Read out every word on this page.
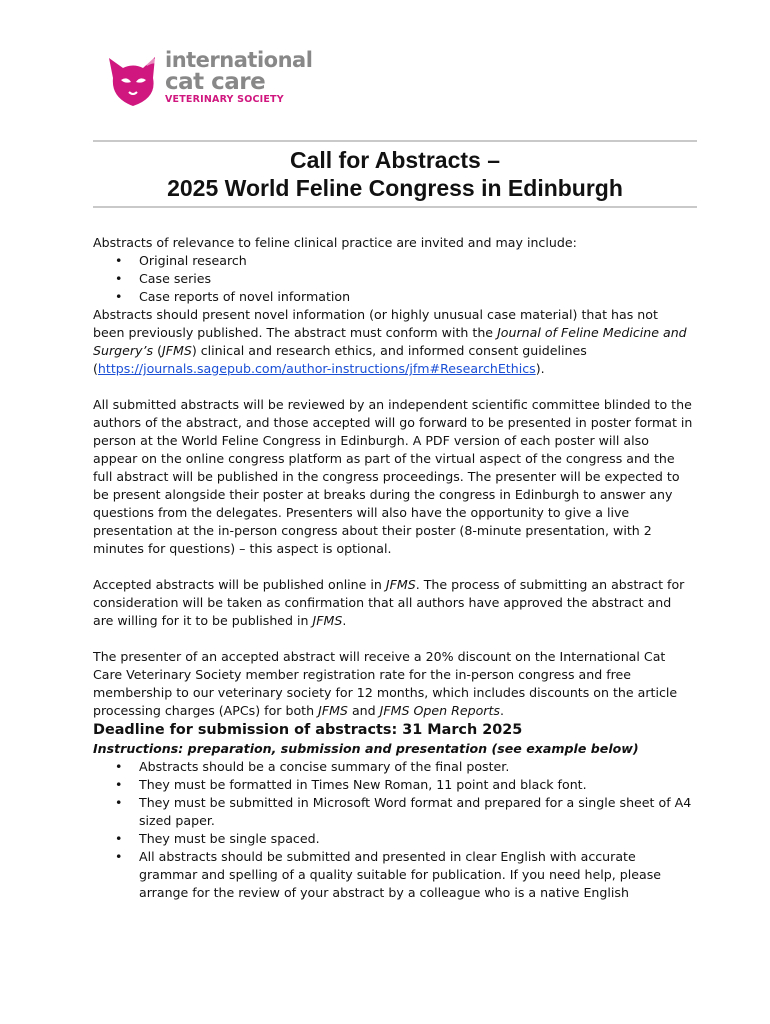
international
cat care
VETERINARY SOCIETY
Call for Abstracts –
2025 World Feline Congress in Edinburgh

Abstracts of relevance to feline clinical practice are invited and may include:

• Original research
• Case series
• Case reports of novel information

Abstracts should present novel information (or highly unusual case material) that has not been previously published. The abstract must conform with the Journal of Feline Medicine and Surgery’s (JFMS) clinical and research ethics, and informed consent guidelines (https://journals.sagepub.com/author-instructions/jfm#ResearchEthics).

All submitted abstracts will be reviewed by an independent scientific committee blinded to the authors of the abstract, and those accepted will go forward to be presented in poster format in person at the World Feline Congress in Edinburgh. A PDF version of each poster will also appear on the online congress platform as part of the virtual aspect of the congress and the full abstract will be published in the congress proceedings. The presenter will be expected to be present alongside their poster at breaks during the congress in Edinburgh to answer any questions from the delegates. Presenters will also have the opportunity to give a live presentation at the in-person congress about their poster (8-minute presentation, with 2 minutes for questions) – this aspect is optional.

Accepted abstracts will be published online in JFMS. The process of submitting an abstract for consideration will be taken as confirmation that all authors have approved the abstract and are willing for it to be published in JFMS.

The presenter of an accepted abstract will receive a 20% discount on the International Cat Care Veterinary Society member registration rate for the in-person congress and free membership to our veterinary society for 12 months, which includes discounts on the article processing charges (APCs) for both JFMS and JFMS Open Reports.

Deadline for submission of abstracts: 31 March 2025

Instructions: preparation, submission and presentation (see example below)

• Abstracts should be a concise summary of the final poster.
• They must be formatted in Times New Roman, 11 point and black font.
• They must be submitted in Microsoft Word format and prepared for a single sheet of A4 sized paper.
• They must be single spaced.
• All abstracts should be submitted and presented in clear English with accurate grammar and spelling of a quality suitable for publication. If you need help, please arrange for the review of your abstract by a colleague who is a native English
